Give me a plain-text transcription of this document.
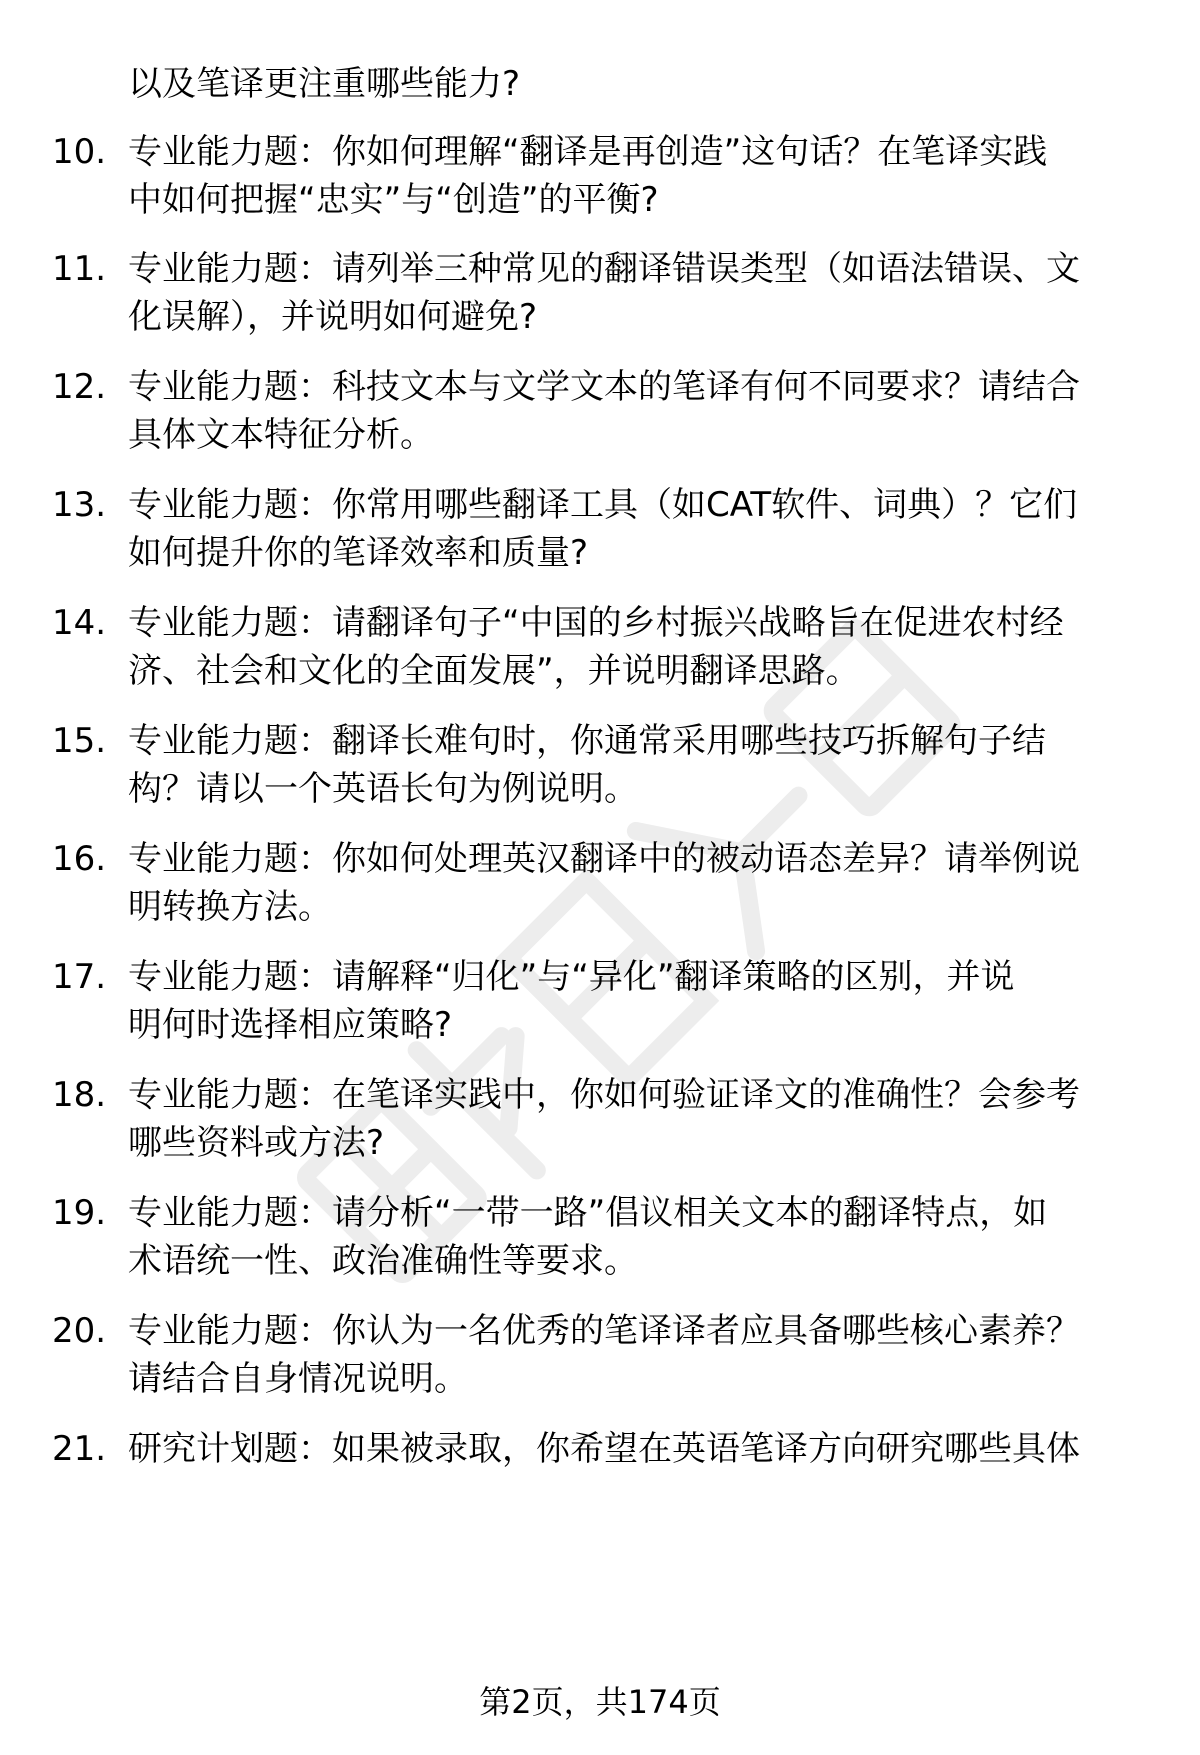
以及笔译更注重哪些能力?
10. 专业能力题：你如何理解“翻译是再创造”这句话？在笔译实践
中如何把握“忠实”与“创造”的平衡?
11. 专业能力题：请列举三种常见的翻译错误类型（如语法错误、文
化误解），并说明如何避免?
12. 专业能力题：科技文本与文学文本的笔译有何不同要求？请结合
具体文本特征分析。
13. 专业能力题：你常用哪些翻译工具（如CAT软件、词典）？它们
如何提升你的笔译效率和质量?
14. 专业能力题：请翻译句子“中国的乡村振兴战略旨在促进农村经
济、社会和文化的全面发展”，并说明翻译思路。
15. 专业能力题：翻译长难句时，你通常采用哪些技巧拆解句子结
构？请以一个英语长句为例说明。
16. 专业能力题：你如何处理英汉翻译中的被动语态差异？请举例说
明转换方法。
17. 专业能力题：请解释“归化”与“异化”翻译策略的区别，并说
明何时选择相应策略?
18. 专业能力题：在笔译实践中，你如何验证译文的准确性？会参考
哪些资料或方法?
19. 专业能力题：请分析“一带一路”倡议相关文本的翻译特点，如
术语统一性、政治准确性等要求。
20. 专业能力题：你认为一名优秀的笔译译者应具备哪些核心素养？
请结合自身情况说明。
21. 研究计划题：如果被录取，你希望在英语笔译方向研究哪些具体
第2页，共174页
